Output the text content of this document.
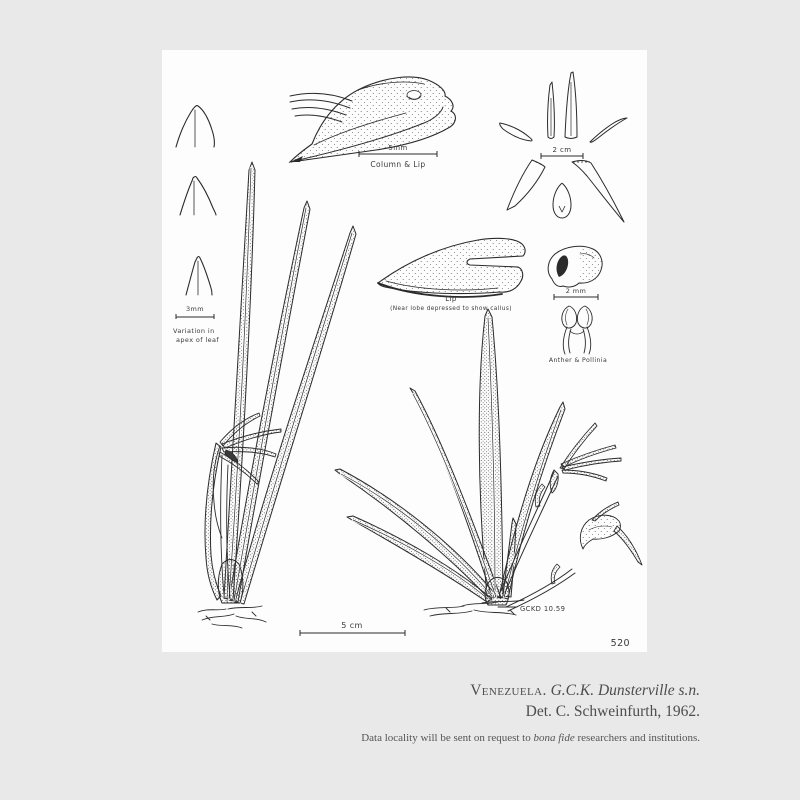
3mm
Variation in
apex of leaf
5mm
Column & Lip
2 cm
Lip
(Near lobe depressed to show callus)
2 mm
Anther & Pollinia
GCKD 10.59
5 cm
520
Venezuela. G.C.K. Dunsterville s.n.
Det. C. Schweinfurth, 1962.
Data locality will be sent on request to bona fide researchers and institutions.
